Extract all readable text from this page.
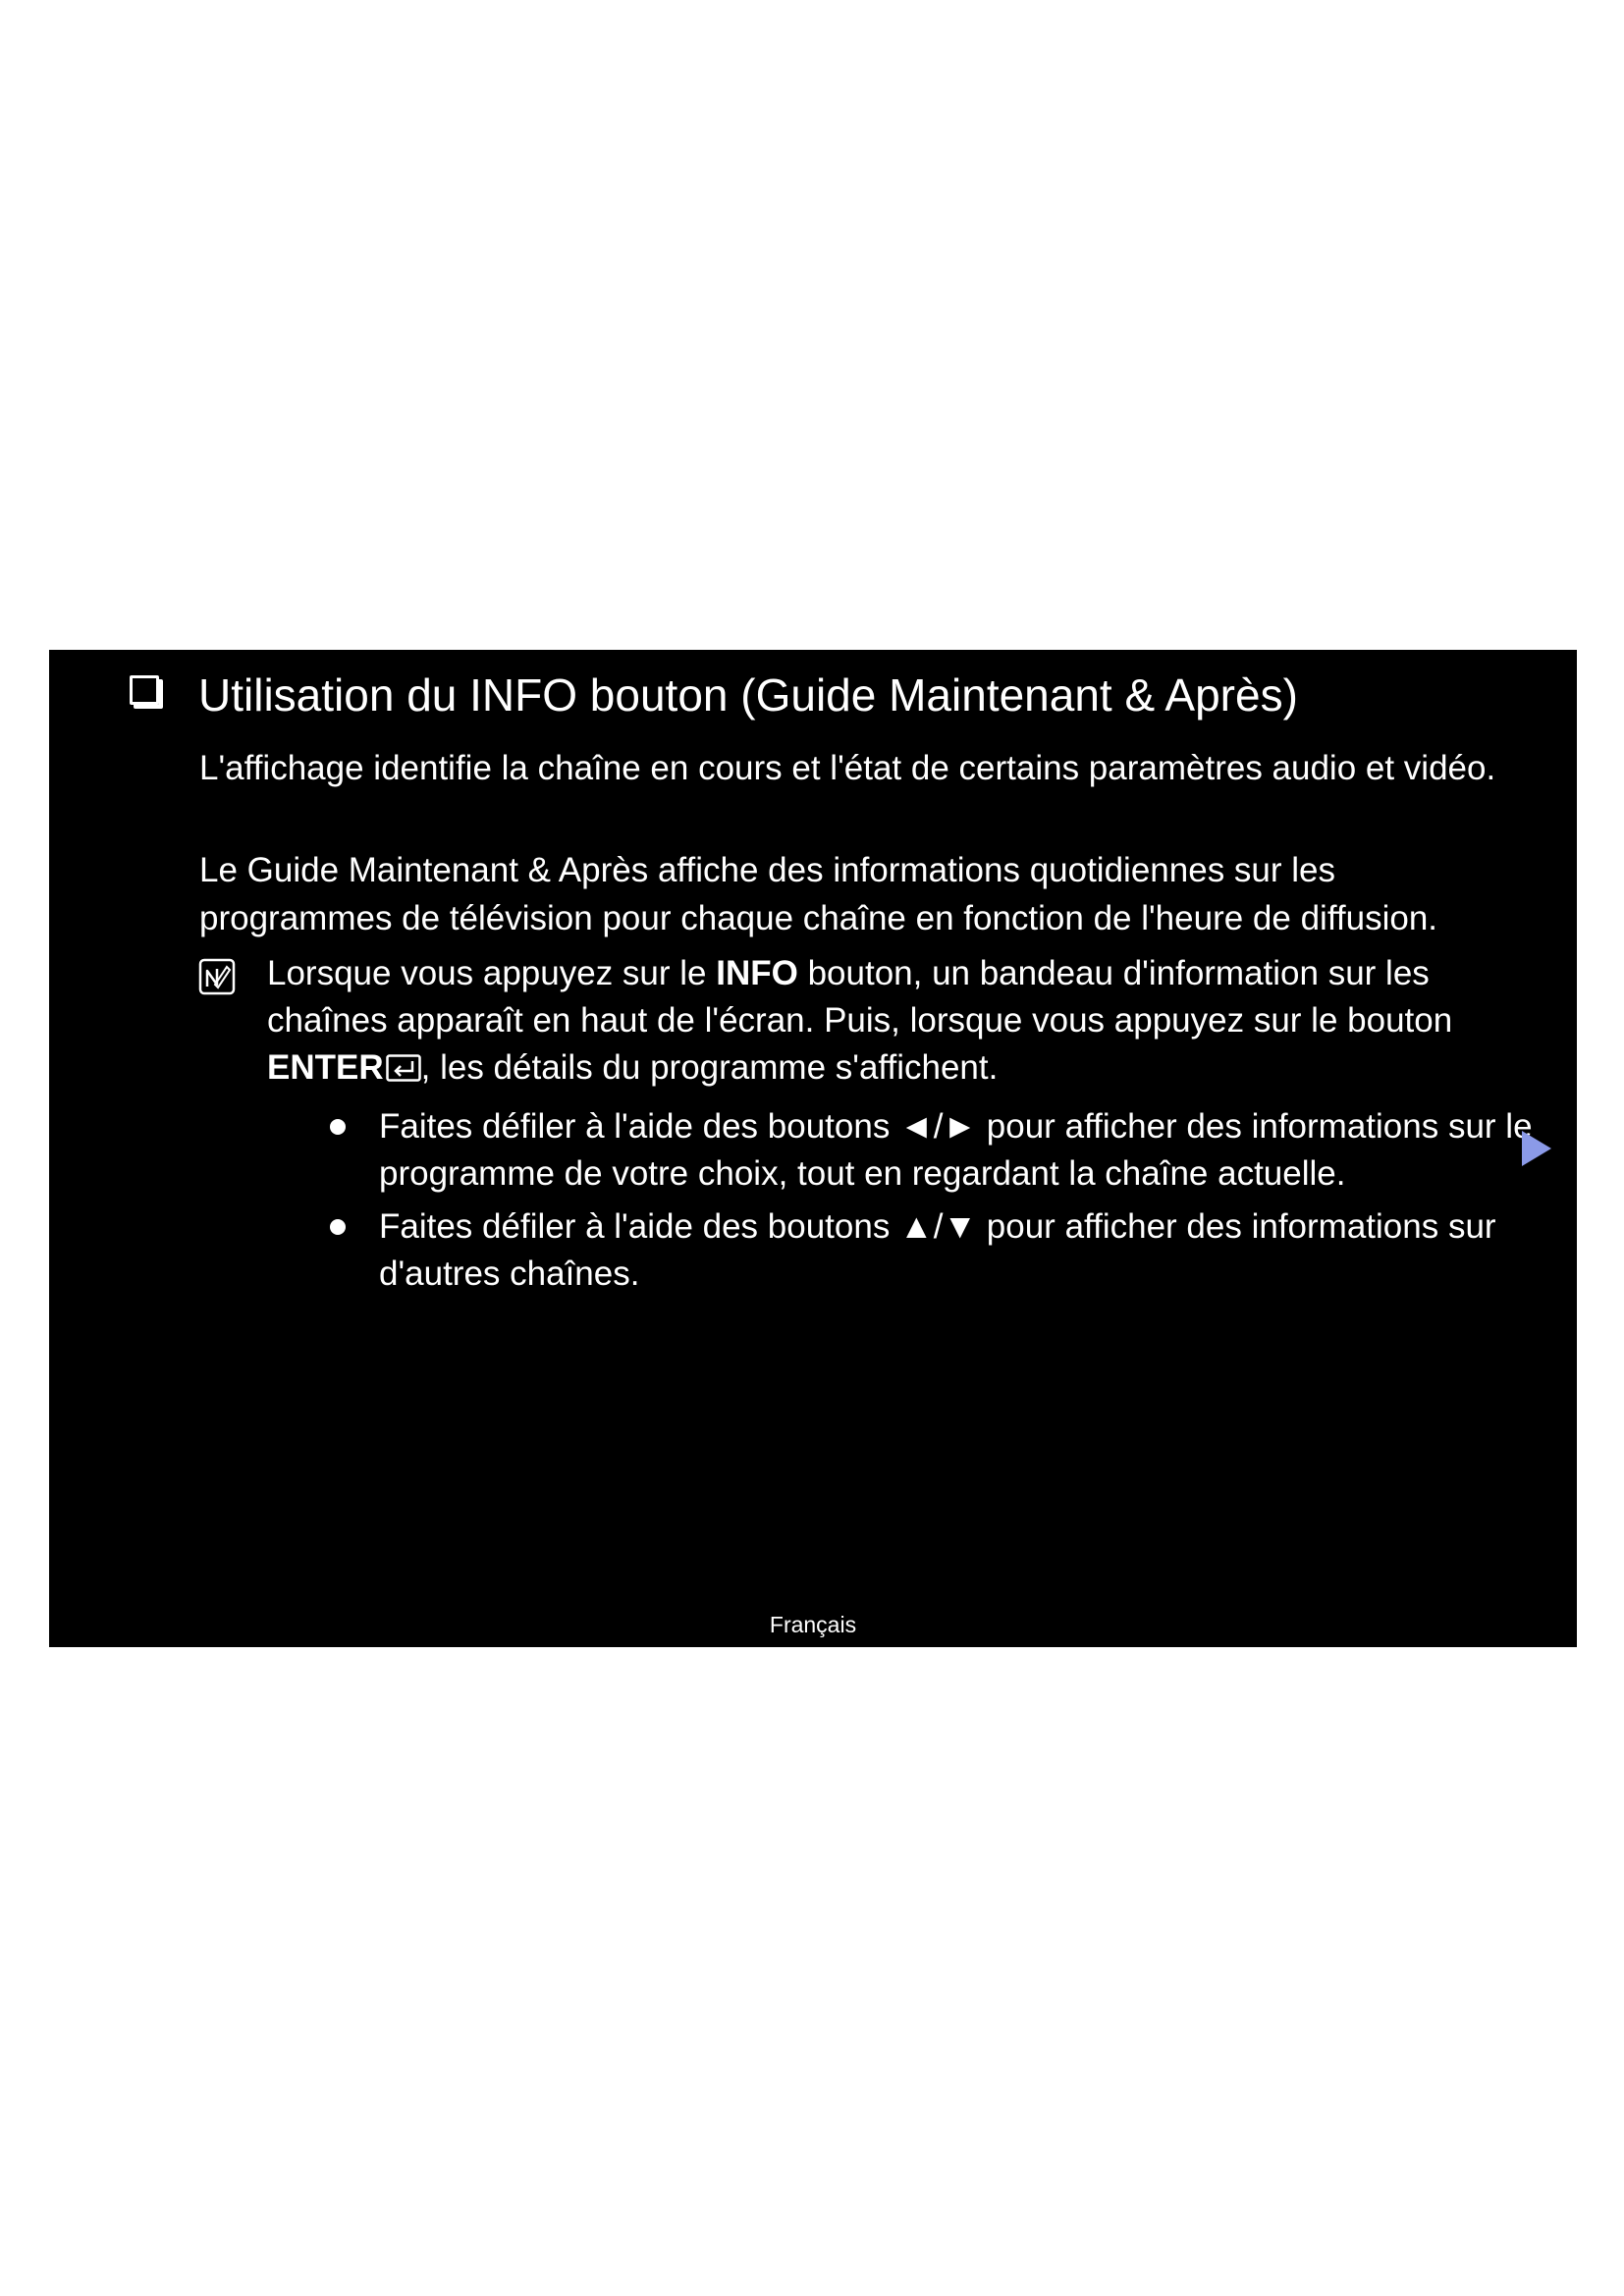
Utilisation du INFO bouton (Guide Maintenant & Après)
L'affichage identifie la chaîne en cours et l'état de certains paramètres audio et vidéo.
Le Guide Maintenant & Après affiche des informations quotidiennes sur les programmes de télévision pour chaque chaîne en fonction de l'heure de diffusion.
Lorsque vous appuyez sur le INFO bouton, un bandeau d'information sur les chaînes apparaît en haut de l'écran. Puis, lorsque vous appuyez sur le bouton ENTER , les détails du programme s'affichent.
Faites défiler à l'aide des boutons ◄/► pour afficher des informations sur le programme de votre choix, tout en regardant la chaîne actuelle.
Faites défiler à l'aide des boutons ▲/▼ pour afficher des informations sur d'autres chaînes.
Français
